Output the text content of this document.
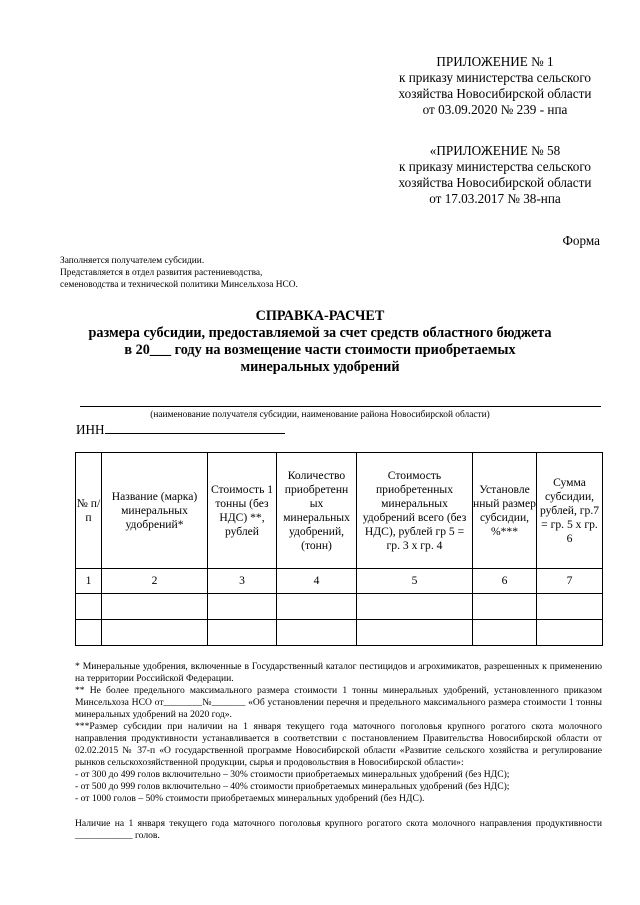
ПРИЛОЖЕНИЕ № 1
к приказу министерства сельского
хозяйства Новосибирской области
от 03.09.2020 № 239 - нпа
«ПРИЛОЖЕНИЕ № 58
к приказу министерства сельского
хозяйства Новосибирской области
от 17.03.2017 № 38-нпа
Форма
Заполняется получателем субсидии.
Представляется в отдел развития растениеводства,
семеноводства и технической политики Минсельхоза НСО.
СПРАВКА-РАСЧЕТ
размера субсидии, предоставляемой за счет средств областного бюджета
в 20___ году на возмещение части стоимости приобретаемых
минеральных удобрений
(наименование получателя субсидии, наименование района Новосибирской области)
ИНН
№ п/п	Название (марка) минеральных удобрений*	Стоимость 1 тонны (без НДС) **, рублей	Количество приобретенн ых минеральных удобрений, (тонн)	Стоимость приобретенных минеральных удобрений всего (без НДС), рублей гр 5 = гр. 3 х гр. 4	Установле нный размер субсидии, %***	Сумма субсидии, рублей, гр.7 = гр. 5 х гр. 6
1	2	3	4	5	6	7

* Минеральные удобрения, включенные в Государственный каталог пестицидов и агрохимикатов, разрешенных к применению на территории Российской Федерации.

** Не более предельного максимального размера стоимости 1 тонны минеральных удобрений, установленного приказом Минсельхоза НСО от________№_______ «Об установлении перечня и предельного максимального размера стоимости 1 тонны минеральных удобрений на 2020 год».

***Размер субсидии при наличии на 1 января текущего года маточного поголовья крупного рогатого скота молочного направления продуктивности устанавливается в соответствии с постановлением Правительства Новосибирской области от 02.02.2015 № 37-п «О государственной программе Новосибирской области «Развитие сельского хозяйства и регулирование рынков сельскохозяйственной продукции, сырья и продовольствия в Новосибирской области»:

- от 300 до 499 голов включительно – 30% стоимости приобретаемых минеральных удобрений (без НДС);

- от 500 до 999 голов включительно – 40% стоимости приобретаемых минеральных удобрений (без НДС);

- от 1000 голов – 50% стоимости приобретаемых минеральных удобрений (без НДС).

Наличие на 1 января текущего года маточного поголовья крупного рогатого скота молочного направления продуктивности ____________ голов.
